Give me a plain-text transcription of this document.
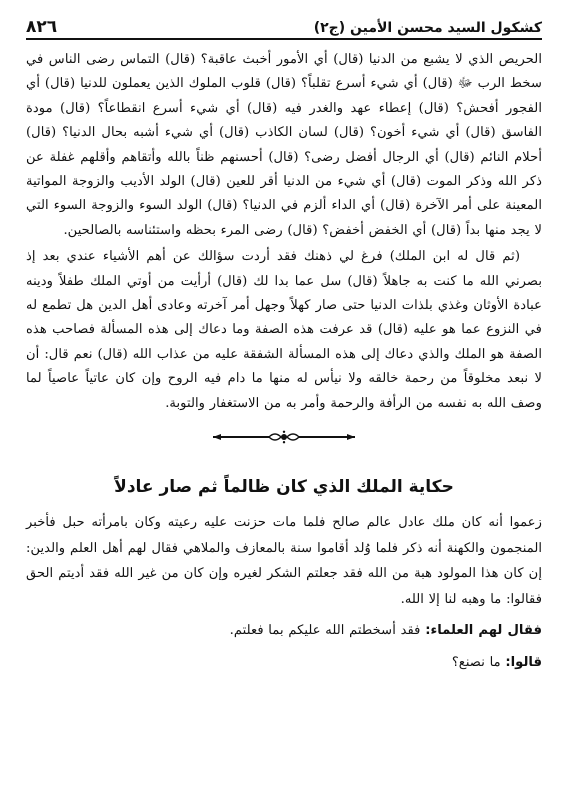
كشكول السيد محسن الأمين (ج٢)
٨٢٦

الحريص الذي لا يشبع من الدنيا (قال) أي الأمور أخبث عاقبة؟ (قال) التماس رضى الناس في سخط الرب ﷻ (قال) أي شيء أسرع تقلباً؟ (قال) قلوب الملوك الذين يعملون للدنيا (قال) أي الفجور أفحش؟ (قال) إعطاء عهد والغدر فيه (قال) أي شيء أسرع انقطاعاً؟ (قال) مودة الفاسق (قال) أي شيء أخون؟ (قال) لسان الكاذب (قال) أي شيء أشبه بحال الدنيا؟ (قال) أحلام النائم (قال) أي الرجال أفضل رضى؟ (قال) أحسنهم ظناً بالله وأتقاهم وأقلهم غفلة عن ذكر الله وذكر الموت (قال) أي شيء من الدنيا أقر للعين (قال) الولد الأديب والزوجة المواتية المعينة على أمر الآخرة (قال) أي الداء ألزم في الدنيا؟ (قال) الولد السوء والزوجة السوء التي لا يجد منها بداً (قال) أي الخفض أخفض؟ (قال) رضى المرء بحظه واستئناسه بالصالحين.

(ثم قال له ابن الملك) فرغ لي ذهنك فقد أردت سؤالك عن أهم الأشياء عندي بعد إذ بصرني الله ما كنت به جاهلاً (قال) سل عما بدا لك (قال) أرأيت من أوتي الملك طفلاً ودينه عبادة الأوثان وغذي بلذات الدنيا حتى صار كهلاً وجهل أمر آخرته وعادى أهل الدين هل تطمع له في النزوع عما هو عليه (قال) قد عرفت هذه الصفة وما دعاك إلى هذه المسألة فصاحب هذه الصفة هو الملك والذي دعاك إلى هذه المسألة الشفقة عليه من عذاب الله (قال) نعم قال: أن لا نبعد مخلوقاً من رحمة خالقه ولا نيأس له منها ما دام فيه الروح وإن كان عاتياً عاصياً لما وصف الله به نفسه من الرأفة والرحمة وأمر به من الاستغفار والتوبة.

حكاية الملك الذي كان ظالماً ثم صار عادلاً

زعموا أنه كان ملك عادل عالم صالح فلما مات حزنت عليه رعيته وكان بامرأته حبل فأخبر المنجمون والكهنة أنه ذكر فلما وُلد أقاموا سنة بالمعازف والملاهي فقال لهم أهل العلم والدين: إن كان هذا المولود هبة من الله فقد جعلتم الشكر لغيره وإن كان من غير الله فقد أديتم الحق فقالوا: ما وهبه لنا إلا الله.

فقال لهم العلماء: فقد أسخطتم الله عليكم بما فعلتم.

قالوا: ما نصنع؟
